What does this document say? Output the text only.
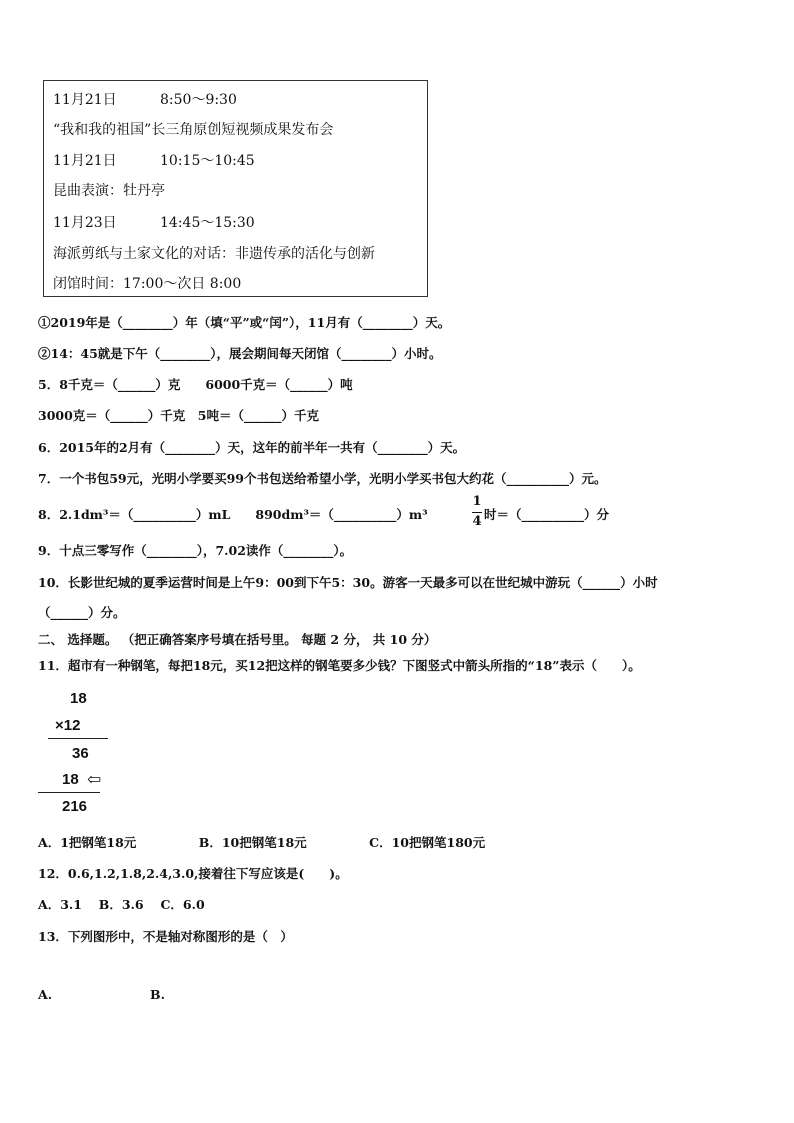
11月21日	8:50～9:30
“我和我的祖国”长三角原创短视频成果发布会
11月21日	10:15～10:45
昆曲表演：牡丹亭
11月23日	14:45～15:30
海派剪纸与土家文化的对话：非遗传承的活化与创新
闭馆时间：17:00～次日 8:00
①2019年是（________）年（填“平”或“闰”），11月有（________）天。
②14：45就是下午（________），展会期间每天闭馆（________）小时。
5．8千克＝（______）克　　6000千克＝（______）吨
3000克＝（______）千克　5吨＝（______）千克
6．2015年的2月有（________）天，这年的前半年一共有（________）天。
7．一个书包59元，光明小学要买99个书包送给希望小学，光明小学买书包大约花（__________）元。
8．2.1dm³＝（__________）mL　　890dm³＝（__________）m³
1
4 时＝（__________）分
9．十点三零写作（________），7.02读作（________）。
10．长影世纪城的夏季运营时间是上午9：00到下午5：30。游客一天最多可以在世纪城中游玩（______）小时
（______）分。
二、 选择题。 （把正确答案序号填在括号里。 每题 2 分， 共 10 分）
11．超市有一种钢笔，每把18元，买12把这样的钢笔要多少钱？下图竖式中箭头所指的“18”表示（　　）。
18
×12
36
18 ⇦
216
A．1把钢笔18元　　　　　B．10把钢笔18元　　　　　C．10把钢笔180元
12．0.6,1.2,1.8,2.4,3.0,接着往下写应该是(　　)。
A．3.1　 B．3.6　 C．6.0
13．下列图形中，不是轴对称图形的是（　）
A.	B.
